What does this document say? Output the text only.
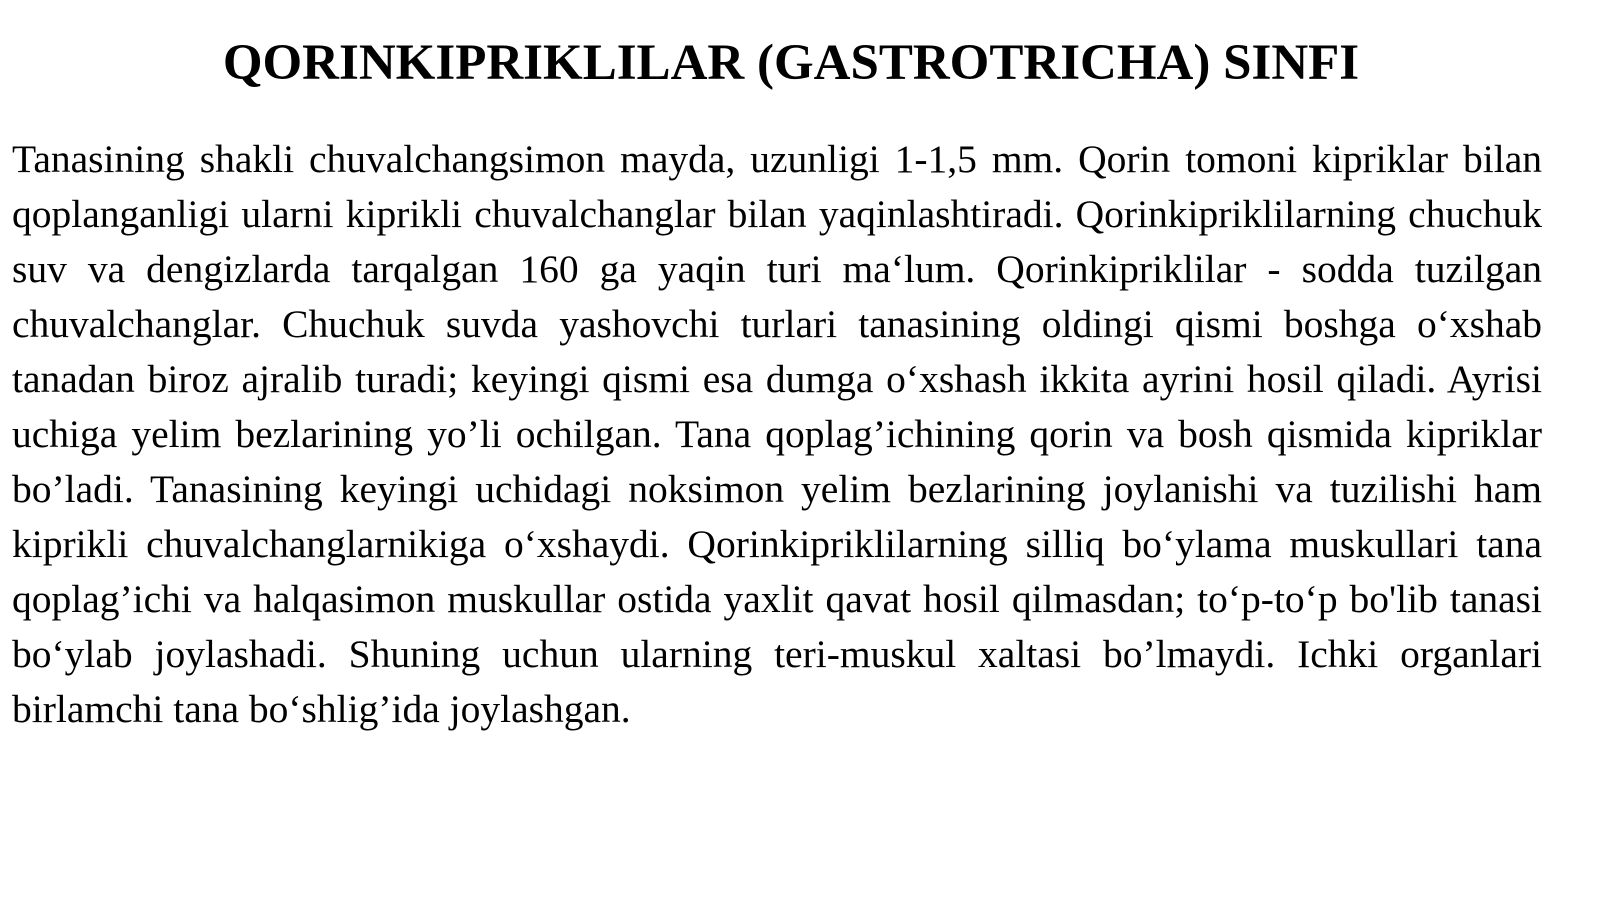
QORINKIPRIKLILAR (GASTROTRICHA) SINFI

Tanasining shakli chuvalchangsimon mayda, uzunligi 1-1,5 mm. Qorin tomoni kipriklar bilan qoplanganligi ularni kiprikli chuvalchanglar bilan yaqinlashtiradi. Qorinkipriklilarning chuchuk suv va dengizlarda tarqalgan 160 ga yaqin turi ma‘lum. Qorinkipriklilar - sodda tuzilgan chuvalchanglar. Chuchuk suvda yashovchi turlari tanasining oldingi qismi boshga o‘xshab tanadan biroz ajralib turadi; keyingi qismi esa dumga o‘xshash ikkita ayrini hosil qiladi. Ayrisi uchiga yelim bezlarining yo’li ochilgan. Tana qoplag’ichining qorin va bosh qismida kipriklar bo’ladi. Tanasining keyingi uchidagi noksimon yelim bezlarining joylanishi va tuzilishi ham kiprikli chuvalchanglarnikiga o‘xshaydi. Qorinkipriklilarning silliq bo‘ylama muskullari tana qoplag’ichi va halqasimon muskullar ostida yaxlit qavat hosil qilmasdan; to‘p-to‘p bo'lib tanasi bo‘ylab joylashadi. Shuning uchun ularning teri-muskul xaltasi bo’lmaydi. Ichki organlari birlamchi tana bo‘shlig’ida joylashgan.
